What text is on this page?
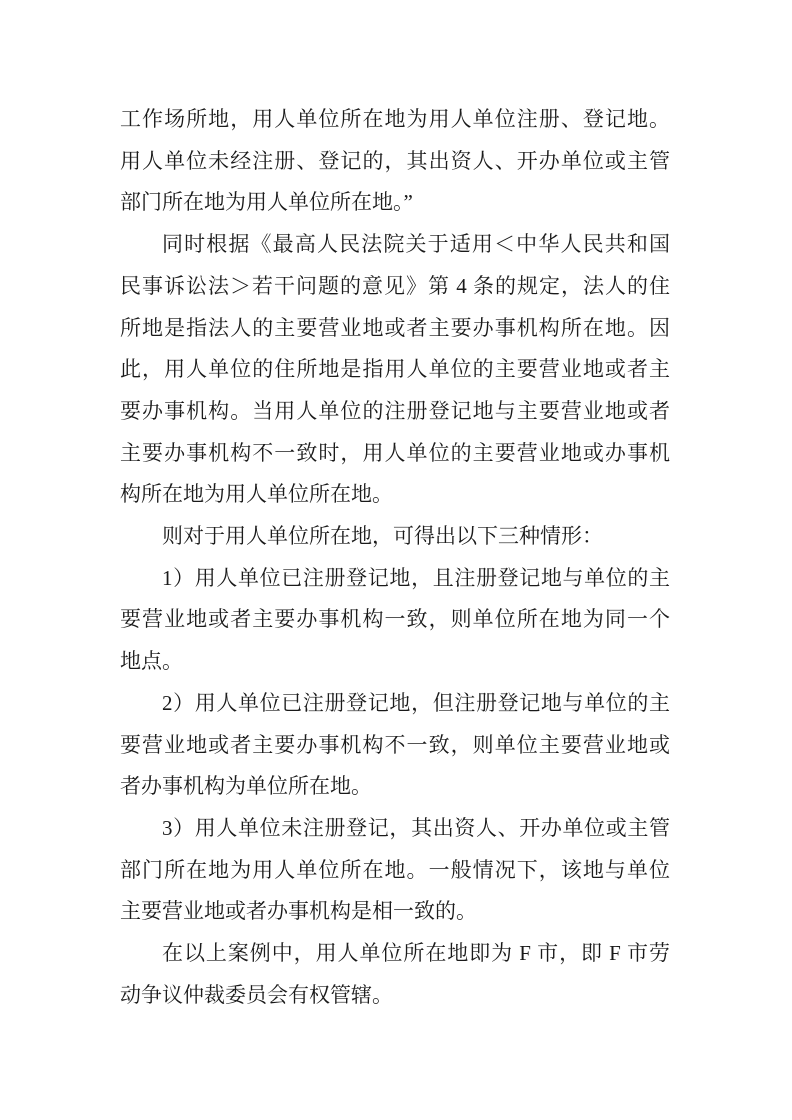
工作场所地，用人单位所在地为用人单位注册、登记地。
用人单位未经注册、登记的，其出资人、开办单位或主管
部门所在地为用人单位所在地。”

同时根据《最高人民法院关于适用＜中华人民共和国
民事诉讼法＞若干问题的意见》第 4 条的规定，法人的住
所地是指法人的主要营业地或者主要办事机构所在地。因
此，用人单位的住所地是指用人单位的主要营业地或者主
要办事机构。当用人单位的注册登记地与主要营业地或者
主要办事机构不一致时，用人单位的主要营业地或办事机
构所在地为用人单位所在地。

则对于用人单位所在地，可得出以下三种情形：

1）用人单位已注册登记地，且注册登记地与单位的主
要营业地或者主要办事机构一致，则单位所在地为同一个
地点。

2）用人单位已注册登记地，但注册登记地与单位的主
要营业地或者主要办事机构不一致，则单位主要营业地或
者办事机构为单位所在地。

3）用人单位未注册登记，其出资人、开办单位或主管
部门所在地为用人单位所在地。一般情况下，该地与单位
主要营业地或者办事机构是相一致的。

在以上案例中，用人单位所在地即为 F 市，即 F 市劳
动争议仲裁委员会有权管辖。
